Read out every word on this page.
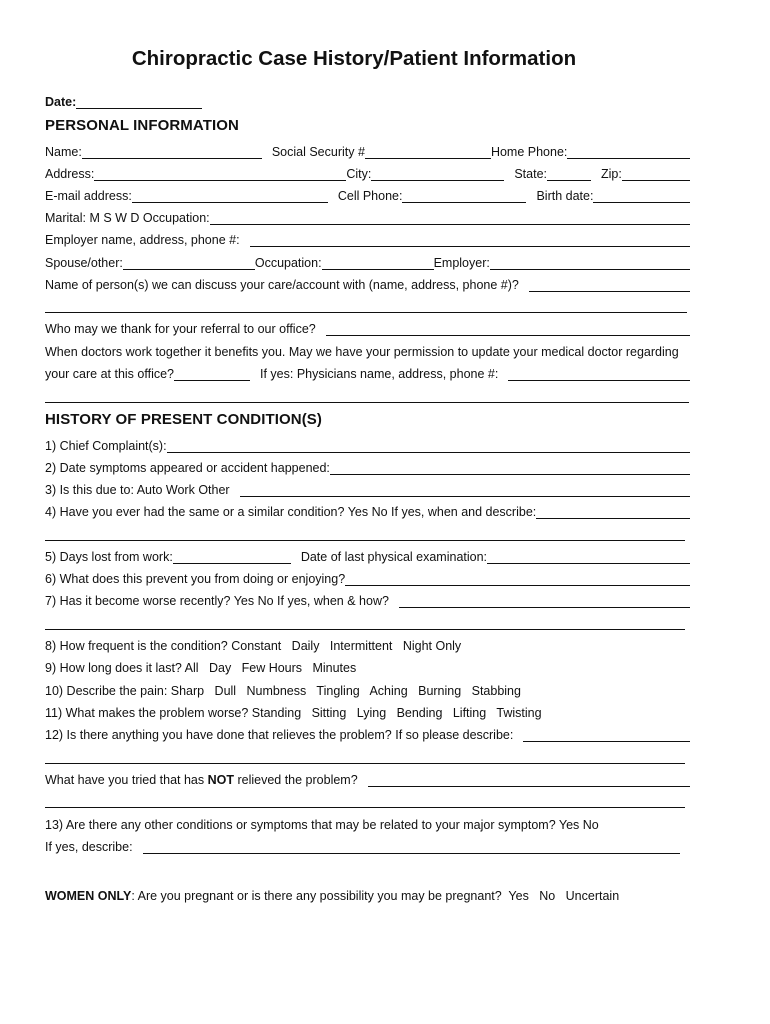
Chiropractic Case History/Patient Information
Date:
PERSONAL INFORMATION
Name:	Social Security #	Home Phone:
Address:	City:	State:	Zip:
E-mail address:	Cell Phone:	Birth date:
Marital: M S W D Occupation:
Employer name, address, phone #:
Spouse/other:	Occupation:	Employer:
Name of person(s) we can discuss your care/account with (name, address, phone #)?
Who may we thank for your referral to our office?
When doctors work together it benefits you. May we have your permission to update your medical doctor regarding
your care at this office?	If yes: Physicians name, address, phone #:
HISTORY OF PRESENT CONDITION(S)
1) Chief Complaint(s):
2) Date symptoms appeared or accident happened:
3) Is this due to: Auto Work Other
4) Have you ever had the same or a similar condition? Yes No If yes, when and describe:
5) Days lost from work:	Date of last physical examination:
6) What does this prevent you from doing or enjoying?
7) Has it become worse recently? Yes No If yes, when & how?
8) How frequent is the condition? Constant   Daily   Intermittent   Night Only
9) How long does it last? All   Day   Few Hours   Minutes
10) Describe the pain: Sharp   Dull   Numbness   Tingling   Aching   Burning   Stabbing
11) What makes the problem worse? Standing   Sitting   Lying   Bending   Lifting   Twisting
12) Is there anything you have done that relieves the problem? If so please describe:
What have you tried that has NOT relieved the problem?
13) Are there any other conditions or symptoms that may be related to your major symptom? Yes No
If yes, describe:
WOMEN ONLY: Are you pregnant or is there any possibility you may be pregnant?  Yes   No   Uncertain
